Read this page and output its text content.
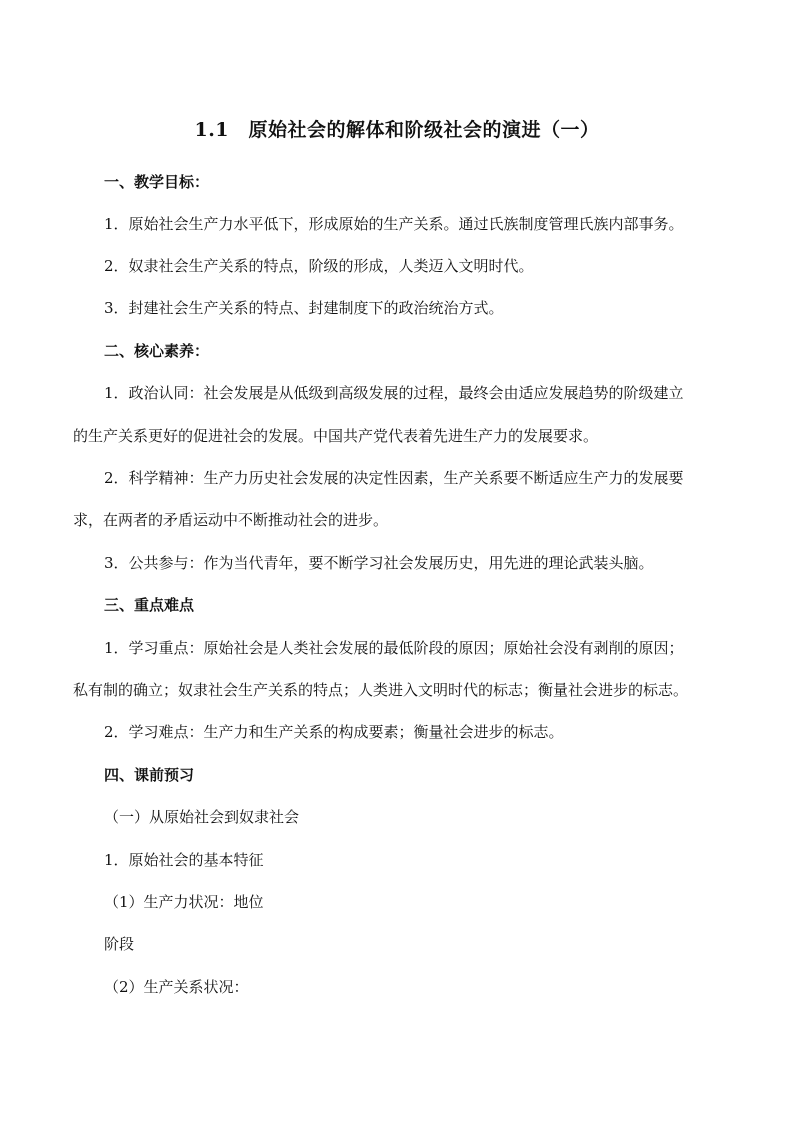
1.1　原始社会的解体和阶级社会的演进（一）
一、教学目标：
1．原始社会生产力水平低下，形成原始的生产关系。通过氏族制度管理氏族内部事务。
2．奴隶社会生产关系的特点，阶级的形成，人类迈入文明时代。
3．封建社会生产关系的特点、封建制度下的政治统治方式。
二、核心素养：
1．政治认同：社会发展是从低级到高级发展的过程，最终会由适应发展趋势的阶级建立
的生产关系更好的促进社会的发展。中国共产党代表着先进生产力的发展要求。
2．科学精神：生产力历史社会发展的决定性因素，生产关系要不断适应生产力的发展要
求，在两者的矛盾运动中不断推动社会的进步。
3．公共参与：作为当代青年，要不断学习社会发展历史，用先进的理论武装头脑。
三、重点难点
1．学习重点：原始社会是人类社会发展的最低阶段的原因；原始社会没有剥削的原因；
私有制的确立；奴隶社会生产关系的特点；人类进入文明时代的标志；衡量社会进步的标志。
2．学习难点：生产力和生产关系的构成要素；衡量社会进步的标志。
四、课前预习
（一）从原始社会到奴隶社会
1．原始社会的基本特征
（1）生产力状况：地位
阶段
（2）生产关系状况：
